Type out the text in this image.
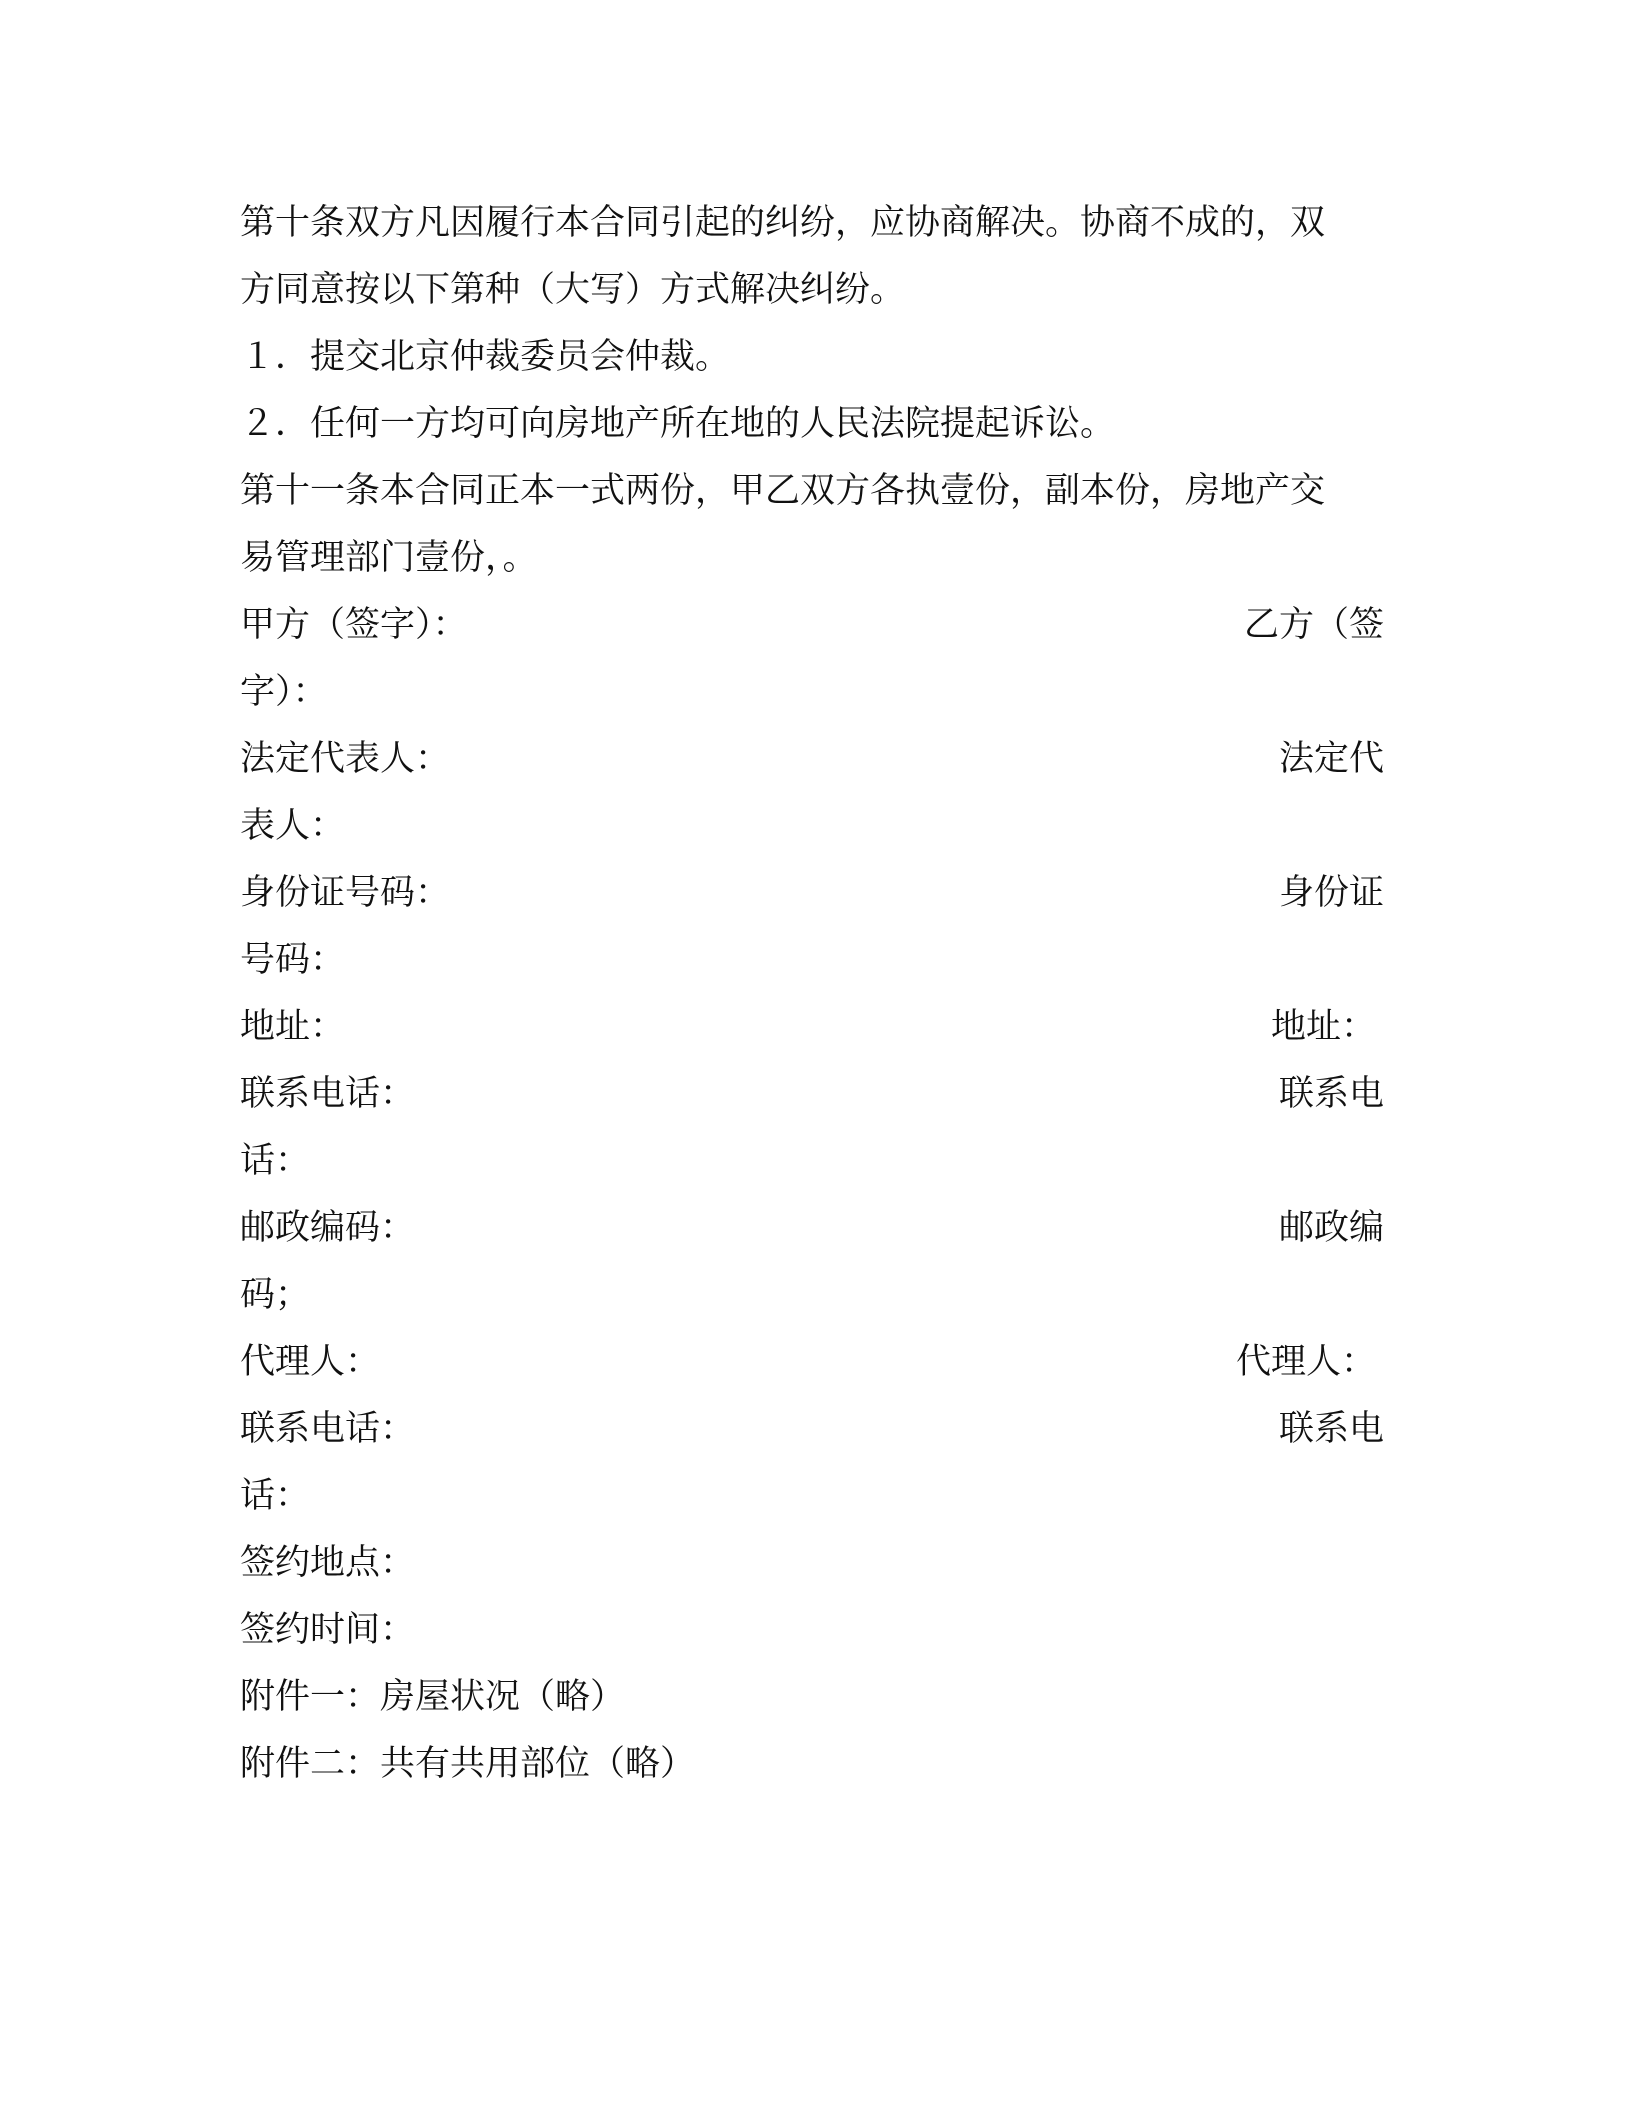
第十条双方凡因履行本合同引起的纠纷，应协商解决。协商不成的，双
方同意按以下第种（大写）方式解决纠纷。
１．提交北京仲裁委员会仲裁。
２．任何一方均可向房地产所在地的人民法院提起诉讼。
第十一条本合同正本一式两份，甲乙双方各执壹份，副本份，房地产交
易管理部门壹份，。
甲方（签字）：	乙方（签
字）：
法定代表人：	法定代
表人：
身份证号码：	身份证
号码：
地址：	地址：
联系电话：	联系电
话：
邮政编码：	邮政编
码；
代理人：	代理人：
联系电话：	联系电
话：
签约地点：
签约时间：
附件一：房屋状况（略）
附件二：共有共用部位（略）
